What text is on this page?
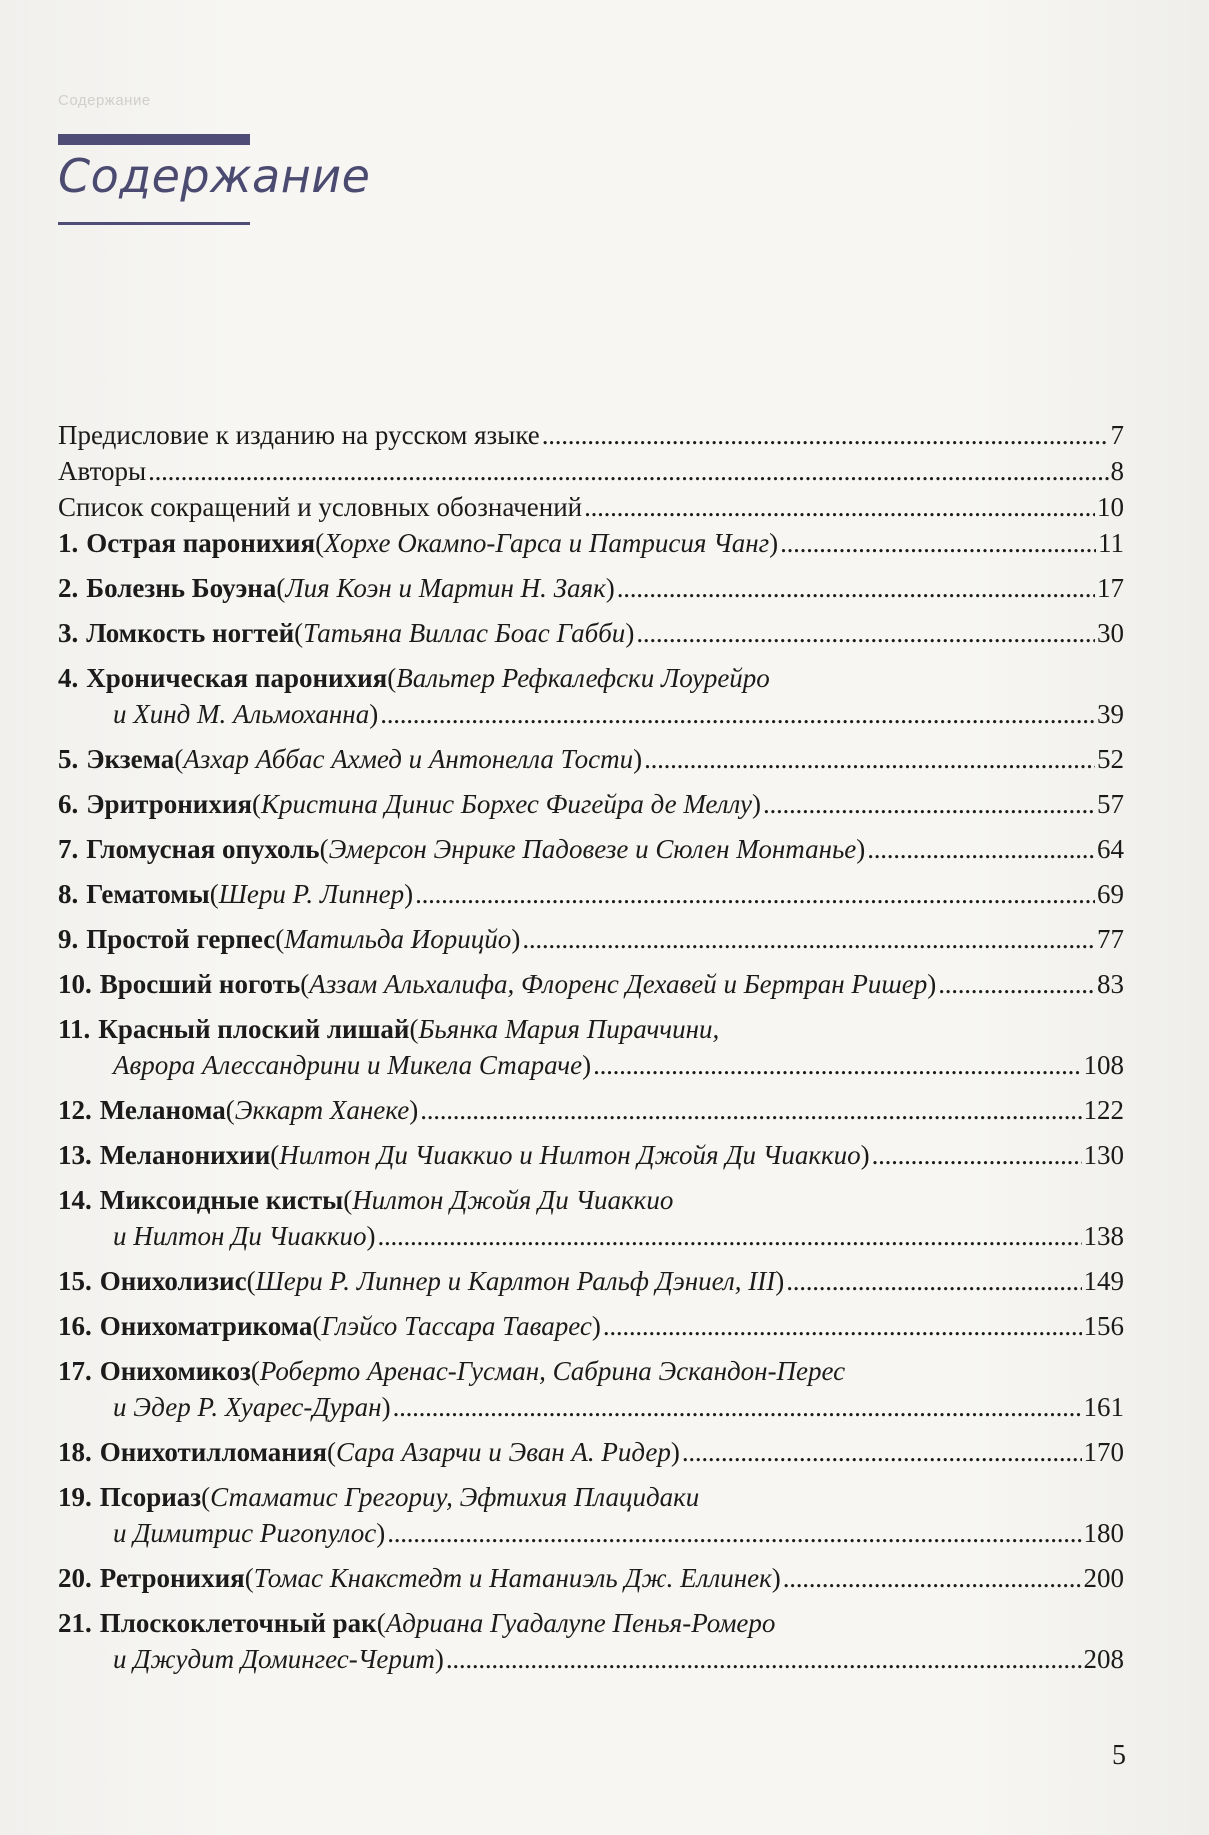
Содержание
Содержание
Предисловие к изданию на русском языке . . .	7
Авторы . . .	8
Список сокращений и условных обозначений . . .	10
1. Острая паронихия ( Хорхе Окампо-Гарса и Патрисия Чанг ) . . .	11
2. Болезнь Боуэна ( Лия Коэн и Мартин Н. Заяк ) . . .	17
3. Ломкость ногтей ( Татьяна Виллас Боас Габби ) . . .	30
4. Хроническая паронихия ( Вальтер Рефкалефски Лоурейро
и Хинд М. Альмоханна ) . . .	39
5. Экзема ( Азхар Аббас Ахмед и Антонелла Тости ) . . .	52
6. Эритронихия ( Кристина Динис Борхес Фигейра де Меллу ) . . .	57
7. Гломусная опухоль ( Эмерсон Энрике Падовезе и Сюлен Монтанье ) . . .	64
8. Гематомы ( Шери Р. Липнер ) . . .	69
9. Простой герпес ( Матильда Иорицйо ) . . .	77
10. Вросший ноготь ( Аззам Альхалифа, Флоренс Дехавей и Бертран Ришер ) . . .	83
11. Красный плоский лишай ( Бьянка Мария Пираччини,
Аврора Алессандрини и Микела Стараче ) . . .	108
12. Меланома ( Эккарт Ханеке ) . . .	122
13. Меланонихии ( Нилтон Ди Чиаккио и Нилтон Джойя Ди Чиаккио ) . . .	130
14. Миксоидные кисты ( Нилтон Джойя Ди Чиаккио
и Нилтон Ди Чиаккио ) . . .	138
15. Онихолизис ( Шери Р. Липнер и Карлтон Ральф Дэниел, III ) . . .	149
16. Онихоматрикома ( Глэйсо Тассара Таварес ) . . .	156
17. Онихомикоз ( Роберто Аренас-Гусман, Сабрина Эскандон-Перес
и Эдер Р. Хуарес-Дуран ) . . .	161
18. Онихотилломания ( Сара Азарчи и Эван А. Ридер ) . . .	170
19. Псориаз ( Стаматис Грегориу, Эфтихия Плацидаки
и Димитрис Ригопулос ) . . .	180
20. Ретронихия ( Томас Кнакстедт и Натаниэль Дж. Еллинек ) . . .	200
21. Плоскоклеточный рак ( Адриана Гуадалупе Пенья-Ромеро
и Джудит Домингес-Черит ) . . .	208
5
